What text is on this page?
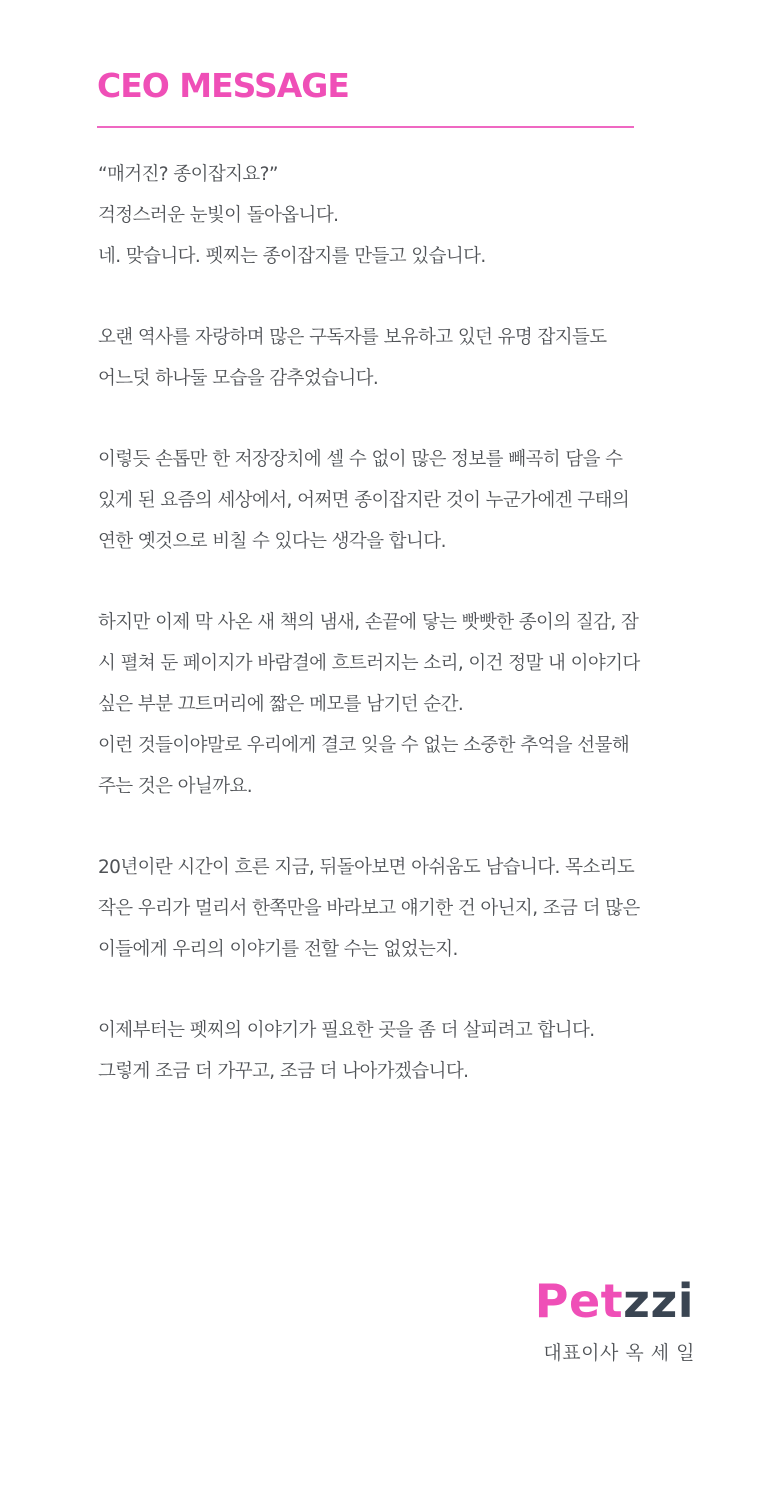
CEO MESSAGE
“매거진? 종이잡지요?”
걱정스러운 눈빛이 돌아옵니다.
네. 맞습니다. 펫찌는 종이잡지를 만들고 있습니다.
오랜 역사를 자랑하며 많은 구독자를 보유하고 있던 유명 잡지들도
어느덧 하나둘 모습을 감추었습니다.
이렇듯 손톱만 한 저장장치에 셀 수 없이 많은 정보를 빼곡히 담을 수
있게 된 요즘의 세상에서, 어쩌면 종이잡지란 것이 누군가에겐 구태의
연한 옛것으로 비칠 수 있다는 생각을 합니다.
하지만 이제 막 사온 새 책의 냄새, 손끝에 닿는 빳빳한 종이의 질감, 잠
시 펼쳐 둔 페이지가 바람결에 흐트러지는 소리, 이건 정말 내 이야기다
싶은 부분 끄트머리에 짧은 메모를 남기던 순간.
이런 것들이야말로 우리에게 결코 잊을 수 없는 소중한 추억을 선물해
주는 것은 아닐까요.
20년이란 시간이 흐른 지금, 뒤돌아보면 아쉬움도 남습니다. 목소리도
작은 우리가 멀리서 한쪽만을 바라보고 얘기한 건 아닌지, 조금 더 많은
이들에게 우리의 이야기를 전할 수는 없었는지.
이제부터는 펫찌의 이야기가 필요한 곳을 좀 더 살피려고 합니다.
그렇게 조금 더 가꾸고, 조금 더 나아가겠습니다.
Petzzi
대표이사 옥 세 일
